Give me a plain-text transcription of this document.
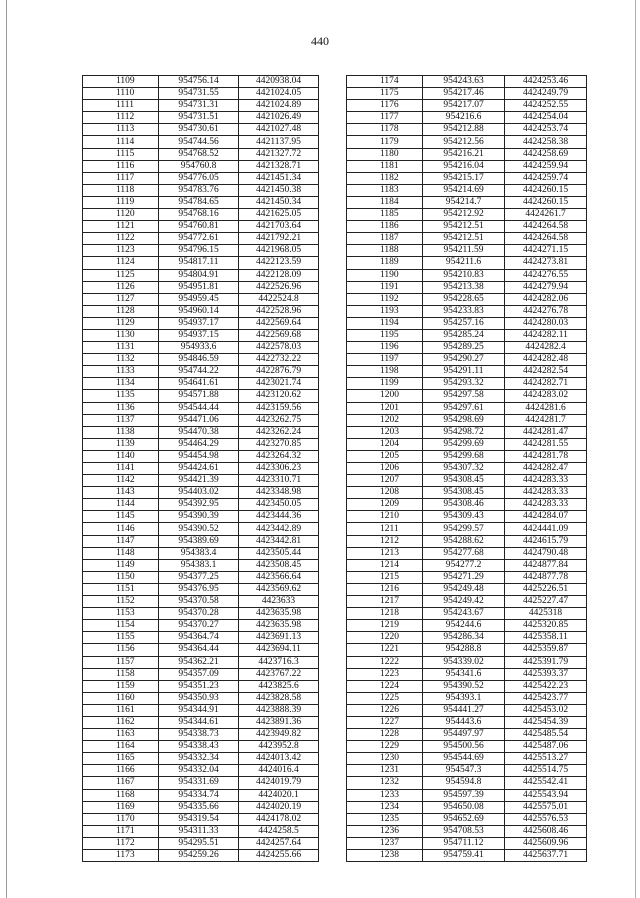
440
1109	954756.14	4420938.04
1110	954731.55	4421024.05
1111	954731.31	4421024.89
1112	954731.51	4421026.49
1113	954730.61	4421027.48
1114	954744.56	4421137.95
1115	954768.52	4421327.72
1116	954760.8	4421328.71
1117	954776.05	4421451.34
1118	954783.76	4421450.38
1119	954784.65	4421450.34
1120	954768.16	4421625.05
1121	954760.81	4421703.64
1122	954772.61	4421792.21
1123	954796.15	4421968.05
1124	954817.11	4422123.59
1125	954804.91	4422128.09
1126	954951.81	4422526.96
1127	954959.45	4422524.8
1128	954960.14	4422528.96
1129	954937.17	4422569.64
1130	954937.15	4422569.68
1131	954933.6	4422578.03
1132	954846.59	4422732.22
1133	954744.22	4422876.79
1134	954641.61	4423021.74
1135	954571.88	4423120.62
1136	954544.44	4423159.56
1137	954471.06	4423262.75
1138	954470.38	4423262.24
1139	954464.29	4423270.85
1140	954454.98	4423264.32
1141	954424.61	4423306.23
1142	954421.39	4423310.71
1143	954403.02	4423348.98
1144	954392.95	4423450.05
1145	954390.39	4423444.36
1146	954390.52	4423442.89
1147	954389.69	4423442.81
1148	954383.4	4423505.44
1149	954383.1	4423508.45
1150	954377.25	4423566.64
1151	954376.95	4423569.62
1152	954370.58	4423633
1153	954370.28	4423635.98
1154	954370.27	4423635.98
1155	954364.74	4423691.13
1156	954364.44	4423694.11
1157	954362.21	4423716.3
1158	954357.09	4423767.22
1159	954351.23	4423825.6
1160	954350.93	4423828.58
1161	954344.91	4423888.39
1162	954344.61	4423891.36
1163	954338.73	4423949.82
1164	954338.43	4423952.8
1165	954332.34	4424013.42
1166	954332.04	4424016.4
1167	954331.69	4424019.79
1168	954334.74	4424020.1
1169	954335.66	4424020.19
1170	954319.54	4424178.02
1171	954311.33	4424258.5
1172	954295.51	4424257.64
1173	954259.26	4424255.66
1174	954243.63	4424253.46
1175	954217.46	4424249.79
1176	954217.07	4424252.55
1177	954216.6	4424254.04
1178	954212.88	4424253.74
1179	954212.56	4424258.38
1180	954216.21	4424258.69
1181	954216.04	4424259.94
1182	954215.17	4424259.74
1183	954214.69	4424260.15
1184	954214.7	4424260.15
1185	954212.92	4424261.7
1186	954212.51	4424264.58
1187	954212.51	4424264.58
1188	954211.59	4424271.15
1189	954211.6	4424273.81
1190	954210.83	4424276.55
1191	954213.38	4424279.94
1192	954228.65	4424282.06
1193	954233.83	4424276.78
1194	954257.16	4424280.03
1195	954285.24	4424282.11
1196	954289.25	4424282.4
1197	954290.27	4424282.48
1198	954291.11	4424282.54
1199	954293.32	4424282.71
1200	954297.58	4424283.02
1201	954297.61	4424281.6
1202	954298.69	4424281.7
1203	954298.72	4424281.47
1204	954299.69	4424281.55
1205	954299.68	4424281.78
1206	954307.32	4424282.47
1207	954308.45	4424283.33
1208	954308.45	4424283.33
1209	954308.46	4424283.33
1210	954309.43	4424284.07
1211	954299.57	4424441.09
1212	954288.62	4424615.79
1213	954277.68	4424790.48
1214	954277.2	4424877.84
1215	954271.29	4424877.78
1216	954249.48	4425226.51
1217	954249.42	4425227.47
1218	954243.67	4425318
1219	954244.6	4425320.85
1220	954286.34	4425358.11
1221	954288.8	4425359.87
1222	954339.02	4425391.79
1223	954341.6	4425393.37
1224	954390.52	4425422.23
1225	954393.1	4425423.77
1226	954441.27	4425453.02
1227	954443.6	4425454.39
1228	954497.97	4425485.54
1229	954500.56	4425487.06
1230	954544.69	4425513.27
1231	954547.3	4425514.75
1232	954594.8	4425542.41
1233	954597.39	4425543.94
1234	954650.08	4425575.01
1235	954652.69	4425576.53
1236	954708.53	4425608.46
1237	954711.12	4425609.96
1238	954759.41	4425637.71
